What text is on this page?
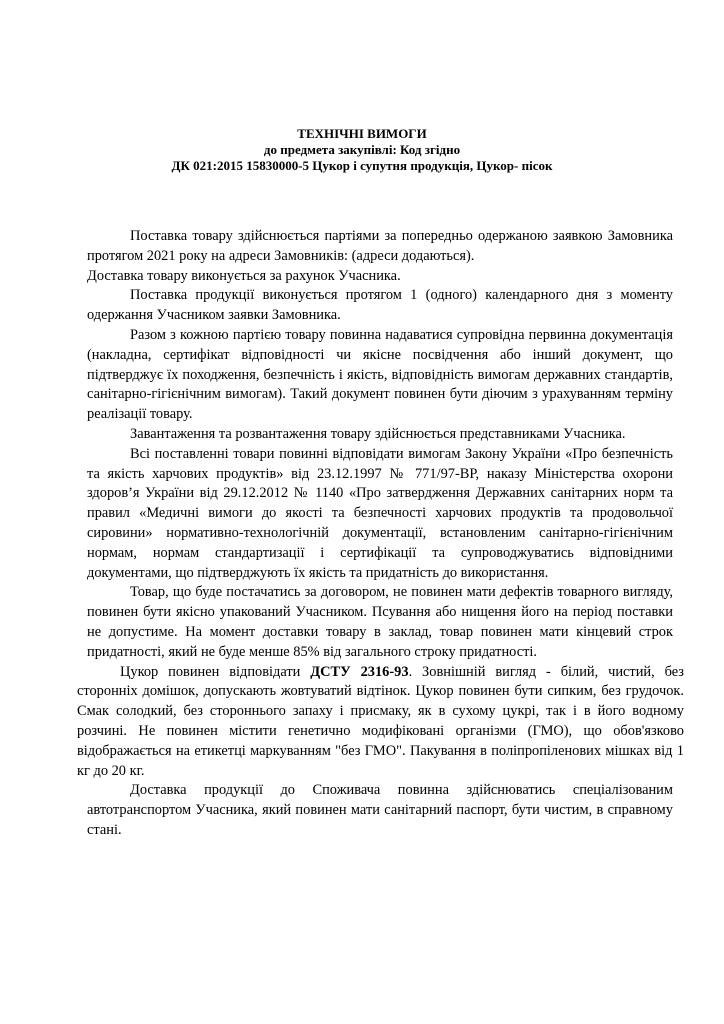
ТЕХНІЧНІ ВИМОГИ
до предмета закупівлі: Код згідно
ДК 021:2015 15830000-5 Цукор і супутня продукція, Цукор- пісок

Поставка товару здійснюється партіями за попередньо одержаною заявкою Замовника протягом 2021 року на адреси Замовників: (адреси додаються).

Доставка товару виконується за рахунок Учасника.

Поставка продукції виконується протягом 1 (одного) календарного дня з моменту одержання Учасником заявки Замовника.

Разом з кожною партією товару повинна надаватися супровідна первинна документація (накладна, сертифікат відповідності чи якісне посвідчення або інший документ, що підтверджує їх походження, безпечність і якість, відповідність вимогам державних стандартів, санітарно-гігієнічним вимогам). Такий документ повинен бути діючим з урахуванням терміну реалізації товару.

Завантаження та розвантаження товару здійснюється представниками Учасника.

Всі поставленні товари повинні відповідати вимогам Закону України «Про безпечність та якість харчових продуктів» від 23.12.1997 № 771/97-ВР, наказу Міністерства охорони здоров’я України від 29.12.2012 № 1140 «Про затвердження Державних санітарних норм та правил «Медичні вимоги до якості та безпечності харчових продуктів та продовольчої сировини» нормативно-технологічній документації, встановленим санітарно-гігієнічним нормам, нормам стандартизації і сертифікації та супроводжуватись відповідними документами, що підтверджують їх якість та придатність до використання.

Товар, що буде постачатись за договором, не повинен мати дефектів товарного вигляду, повинен бути якісно упакований Учасником. Псування або нищення його на період поставки не допустиме. На момент доставки товару в заклад, товар повинен мати кінцевий строк придатності, який не буде менше 85% від загального строку придатності.

Цукор повинен відповідати ДСТУ 2316-93. Зовнішній вигляд - білий, чистий, без сторонніх домішок, допускають жовтуватий відтінок. Цукор повинен бути сипким, без грудочок. Смак солодкий, без стороннього запаху і присмаку, як в сухому цукрі, так і в його водному розчині. Не повинен містити генетично модифіковані організми (ГМО), що обов'язково відображається на етикетці маркуванням "без ГМО". Пакування в поліпропіленових мішках від 1 кг до 20 кг.

Доставка продукції до Споживача повинна здійснюватись спеціалізованим автотранспортом Учасника, який повинен мати санітарний паспорт, бути чистим, в справному стані.
